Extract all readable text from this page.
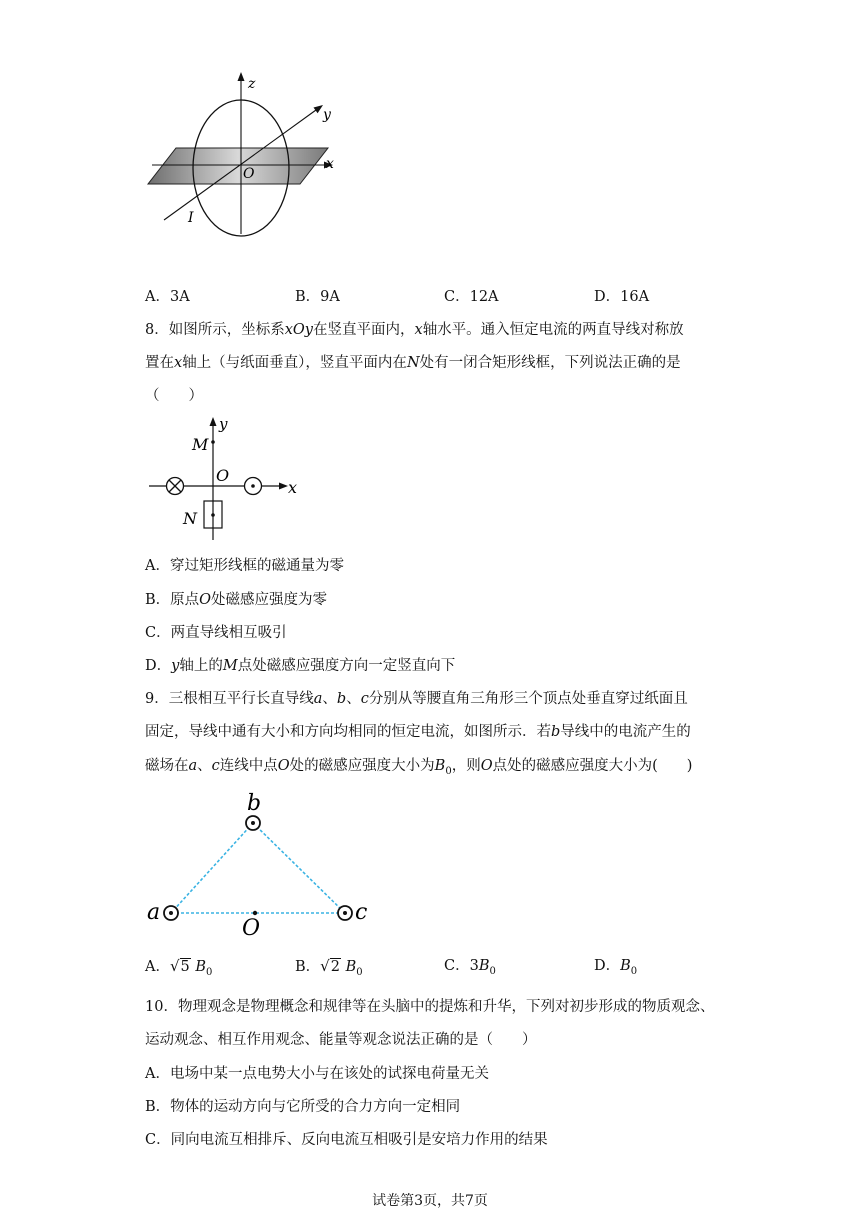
z
y
x
O
I
A．3A	B．9A	C．12A	D．16A
8．如图所示，坐标系xOy在竖直平面内，x轴水平。通入恒定电流的两直导线对称放
置在x轴上（与纸面垂直），竖直平面内在N处有一闭合矩形线框，下列说法正确的是
（　　）
y
M
O
x
N
A．穿过矩形线框的磁通量为零
B．原点O处磁感应强度为零
C．两直导线相互吸引
D．y轴上的M点处磁感应强度方向一定竖直向下
9．三根相互平行长直导线a、b、c分别从等腰直角三角形三个顶点处垂直穿过纸面且
固定，导线中通有大小和方向均相同的恒定电流，如图所示．若b导线中的电流产生的
磁场在a、c连线中点O处的磁感应强度大小为$B_0$，则O点处的磁感应强度大小为(　　)
b
a	c
O
A．√5 $B_0$	B．√2 $B_0$	C．$3B_0$	D．$B_0$
10．物理观念是物理概念和规律等在头脑中的提炼和升华，下列对初步形成的物质观念、
运动观念、相互作用观念、能量等观念说法正确的是（　　）
A．电场中某一点电势大小与在该处的试探电荷量无关
B．物体的运动方向与它所受的合力方向一定相同
C．同向电流互相排斥、反向电流互相吸引是安培力作用的结果
试卷第3页，共7页
